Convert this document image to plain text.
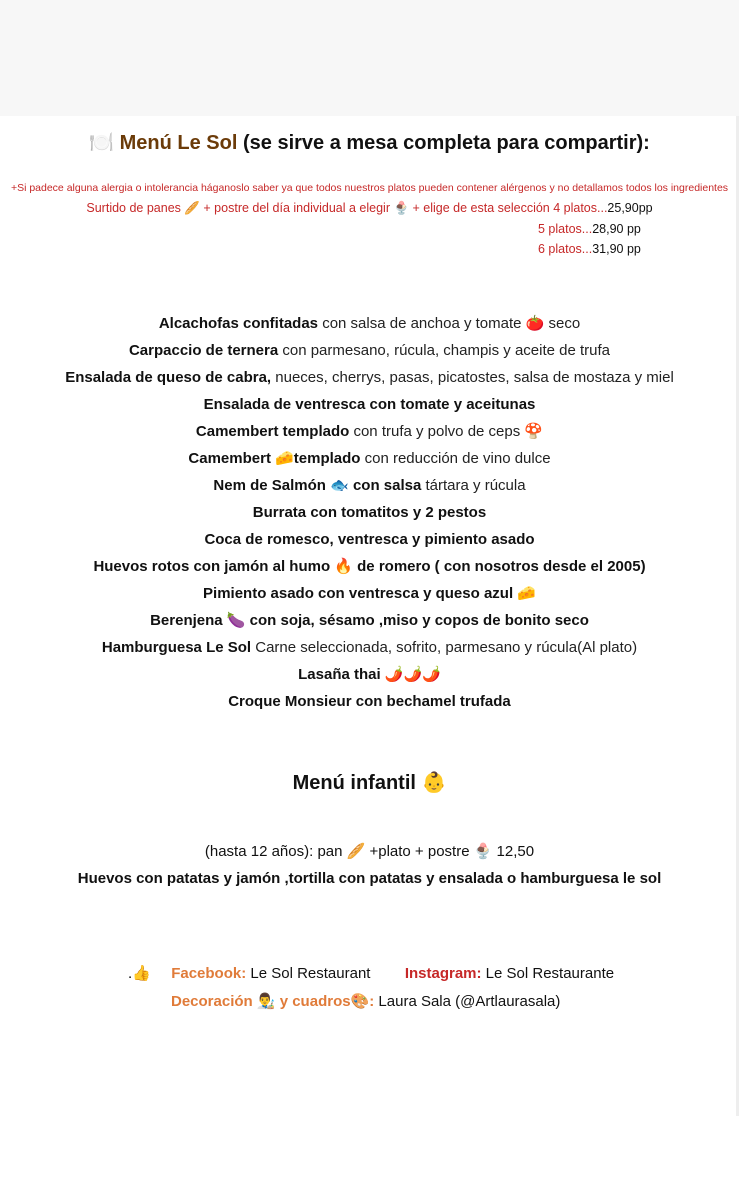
🍽️ Menú Le Sol (se sirve a mesa completa para compartir):
+Si padece alguna alergia o intolerancia háganoslo saber ya que todos nuestros platos pueden contener alérgenos y no detallamos todos los ingredientes
Surtido de panes 🥖 + postre del día individual a elegir 🍨 + elige de esta selección 4 platos...25,90pp
5 platos...28,90 pp
6 platos...31,90 pp
Alcachofas confitadas con salsa de anchoa y tomate 🍅 seco
Carpaccio de ternera con parmesano, rúcula, champis y aceite de trufa
Ensalada de queso de cabra, nueces, cherrys, pasas, picatostes, salsa de mostaza y miel
Ensalada de ventresca con tomate y aceitunas
Camembert templado con trufa y polvo de ceps 🍄
Camembert 🧀templado con reducción de vino dulce
Nem de Salmón 🐟 con salsa tártara y rúcula
Burrata con tomatitos y 2 pestos
Coca de romesco, ventresca y pimiento asado
Huevos rotos con jamón al humo 🔥 de romero ( con nosotros desde el 2005)
Pimiento asado con ventresca y queso azul 🧀
Berenjena 🍆 con soja, sésamo ,miso y copos de bonito seco
Hamburguesa Le Sol Carne seleccionada, sofrito, parmesano y rúcula(Al plato)
Lasaña thai 🌶️🌶️🌶️
Croque Monsieur con bechamel trufada
Menú infantil 👶
(hasta 12 años): pan 🥖 +plato + postre 🍨 12,50
Huevos con patatas y jamón ,tortilla con patatas y ensalada o hamburguesa le sol
.👍 Facebook: Le Sol Restaurant Instagram: Le Sol Restaurante
Decoración 👨‍🎨 y cuadros🎨: Laura Sala (@Artlaurasala)
